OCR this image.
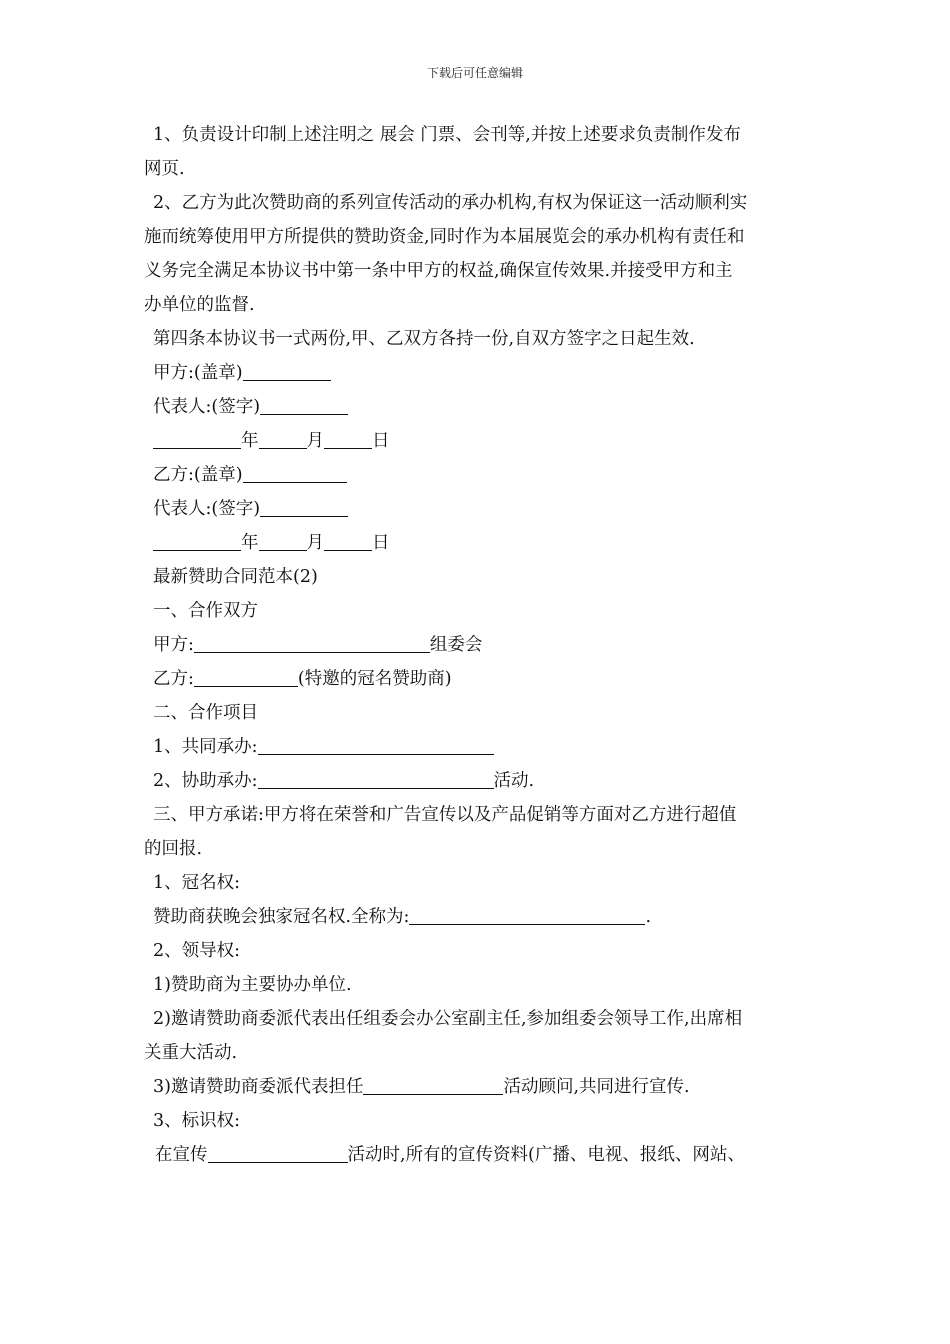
下载后可任意编辑
1、负责设计印制上述注明之 展会 门票、会刊等,并按上述要求负责制作发布
网页.
2、乙方为此次赞助商的系列宣传活动的承办机构,有权为保证这一活动顺利实
施而统筹使用甲方所提供的赞助资金,同时作为本届展览会的承办机构有责任和
义务完全满足本协议书中第一条中甲方的权益,确保宣传效果.并接受甲方和主
办单位的监督.
第四条本协议书一式两份,甲、乙双方各持一份,自双方签字之日起生效.
甲方:(盖章)
代表人:(签字)
年	月	日
乙方:(盖章)
代表人:(签字)
年	月	日
最新赞助合同范本(2)
一、合作双方
甲方:	组委会
乙方:	(特邀的冠名赞助商)
二、合作项目
1、共同承办:
2、协助承办:	活动.
三、甲方承诺:甲方将在荣誉和广告宣传以及产品促销等方面对乙方进行超值
的回报.
1、冠名权:
赞助商获晚会独家冠名权.全称为:	.
2、领导权:
1)赞助商为主要协办单位.
2)邀请赞助商委派代表出任组委会办公室副主任,参加组委会领导工作,出席相
关重大活动.
3)邀请赞助商委派代表担任	活动顾问,共同进行宣传.
3、标识权:
在宣传	活动时,所有的宣传资料(广播、电视、报纸、网站、
